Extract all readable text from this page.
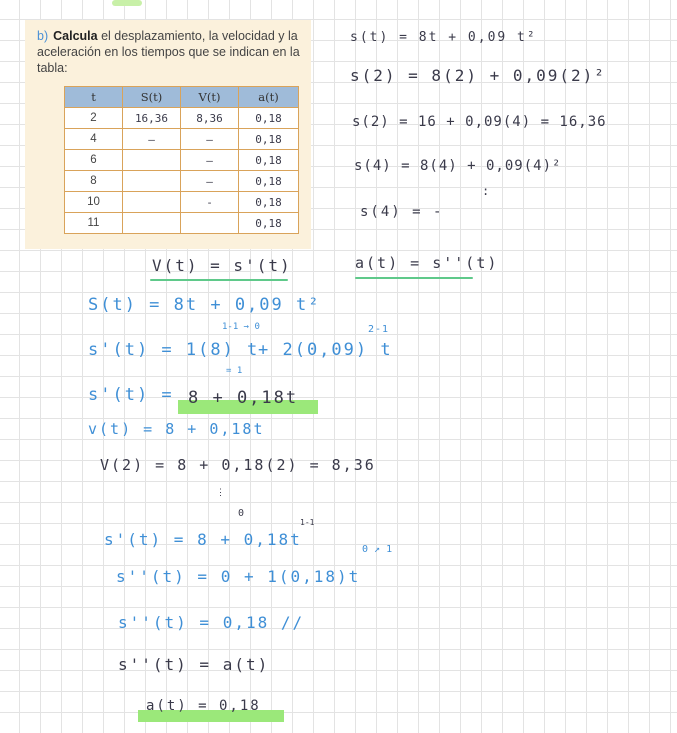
b) Calcula el desplazamiento, la velocidad y la aceleración en los tiempos que se indican en la tabla:
t	S(t)	V(t)	a(t)
2	16,36	8,36	0,18
4	—	—	0,18
6		—	0,18
8		—	0,18
10		-	0,18
11			0,18
s(t) = 8t + 0,09 t²
s(2) = 8(2) + 0,09(2)²
s(2) = 16 + 0,09(4) = 16,36
s(4) = 8(4) + 0,09(4)²
:
s(4) = -
a(t) = s''(t)
V(t) = s'(t)
S(t) = 8t + 0,09 t²
s'(t) = 1(8) t
1-1 → 0
+ 2(0,09) t
2-1
= 1
s'(t) = 8 + 0,18t
v(t) = 8 + 0,18t
V(2) = 8 + 0,18(2) = 8,36
⋮
0
s'(t) = 8 + 0,18t
1-1
s''(t) = 0 + 1(0,18)t
0 ↗ 1
s''(t) = 0,18 //
s''(t) = a(t)
a(t) = 0,18
